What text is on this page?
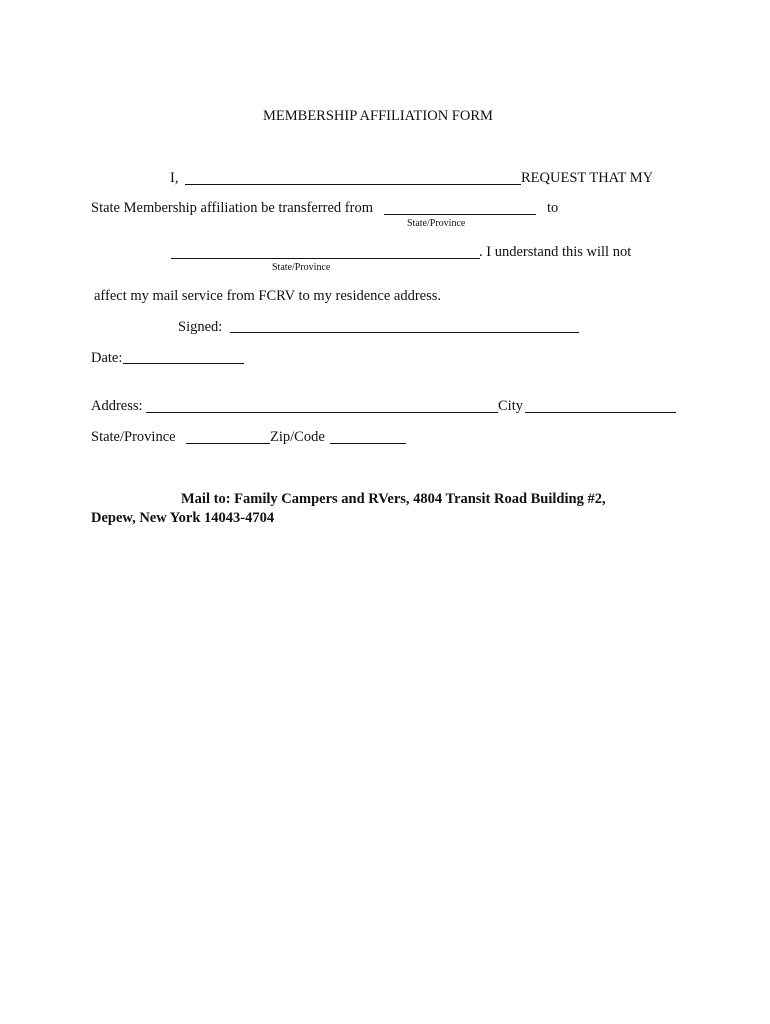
MEMBERSHIP AFFILIATION FORM
I,	REQUEST THAT MY
State Membership affiliation be transferred from	to
State/Province
. I understand this will not
State/Province
affect my mail service from FCRV to my residence address.
Signed:
Date:
Address:	City
State/Province	Zip/Code
Mail to: Family Campers and RVers, 4804 Transit Road Building #2,
Depew, New York 14043-4704
